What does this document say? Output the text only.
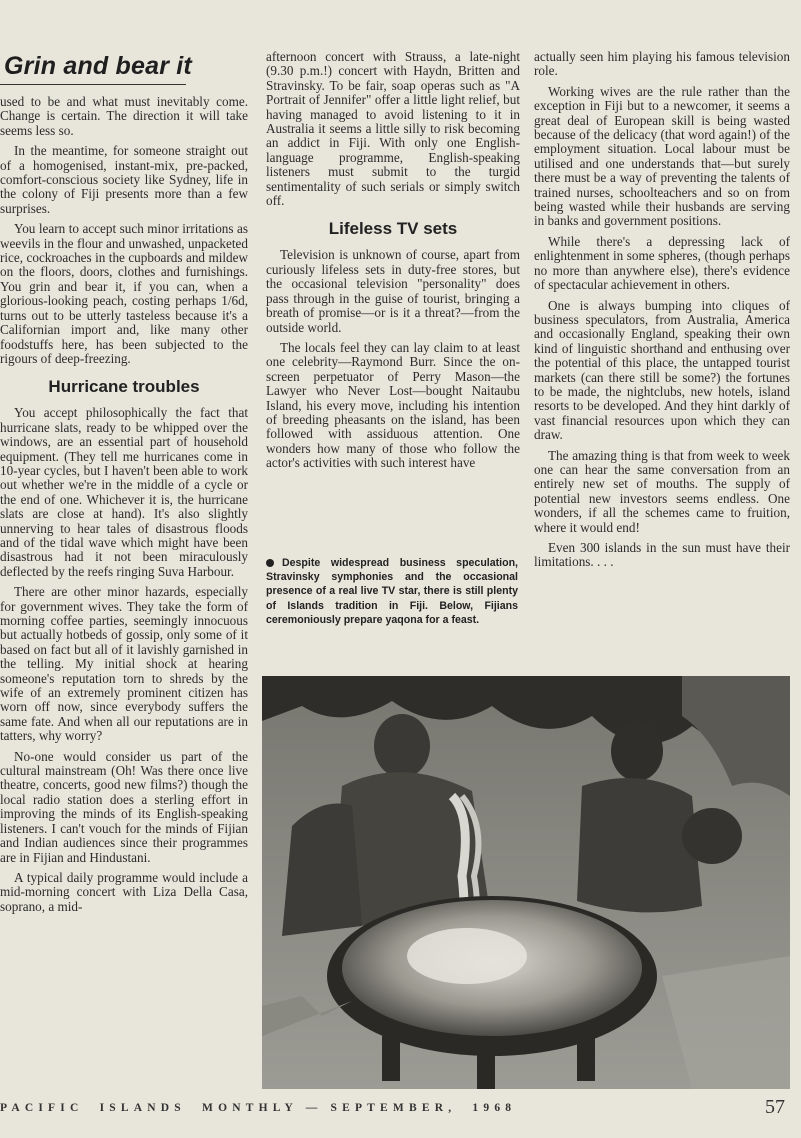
Grin and bear it

used to be and what must inevitably come. Change is certain. The direction it will take seems less so.

In the meantime, for someone straight out of a homogenised, instant-mix, pre-packed, comfort-conscious society like Sydney, life in the colony of Fiji presents more than a few surprises.

You learn to accept such minor irritations as weevils in the flour and unwashed, unpacketed rice, cockroaches in the cupboards and mildew on the floors, doors, clothes and furnishings. You grin and bear it, if you can, when a glorious-looking peach, costing perhaps 1/6d, turns out to be utterly tasteless because it's a Californian import and, like many other foodstuffs here, has been subjected to the rigours of deep-freezing.

Hurricane troubles

You accept philosophically the fact that hurricane slats, ready to be whipped over the windows, are an essential part of household equipment. (They tell me hurricanes come in 10-year cycles, but I haven't been able to work out whether we're in the middle of a cycle or the end of one. Whichever it is, the hurricane slats are close at hand). It's also slightly unnerving to hear tales of disastrous floods and of the tidal wave which might have been disastrous had it not been miraculously deflected by the reefs ringing Suva Harbour.

There are other minor hazards, especially for government wives. They take the form of morning coffee parties, seemingly innocuous but actually hotbeds of gossip, only some of it based on fact but all of it lavishly garnished in the telling. My initial shock at hearing someone's reputation torn to shreds by the wife of an extremely prominent citizen has worn off now, since everybody suffers the same fate. And when all our reputations are in tatters, why worry?

No-one would consider us part of the cultural mainstream (Oh! Was there once live theatre, concerts, good new films?) though the local radio station does a sterling effort in improving the minds of its English-speaking listeners. I can't vouch for the minds of Fijian and Indian audiences since their programmes are in Fijian and Hindustani.

A typical daily programme would include a mid-morning concert with Liza Della Casa, soprano, a mid-

afternoon concert with Strauss, a late-night (9.30 p.m.!) concert with Haydn, Britten and Stravinsky. To be fair, soap operas such as "A Portrait of Jennifer" offer a little light relief, but having managed to avoid listening to it in Australia it seems a little silly to risk becoming an addict in Fiji. With only one English-language programme, English-speaking listeners must submit to the turgid sentimentality of such serials or simply switch off.

Lifeless TV sets

Television is unknown of course, apart from curiously lifeless sets in duty-free stores, but the occasional television "personality" does pass through in the guise of tourist, bringing a breath of promise—or is it a threat?—from the outside world.

The locals feel they can lay claim to at least one celebrity—Raymond Burr. Since the on-screen perpetuator of Perry Mason—the Lawyer who Never Lost—bought Naitaubu Island, his every move, including his intention of breeding pheasants on the island, has been followed with assiduous attention. One wonders how many of those who follow the actor's activities with such interest have

Despite widespread business speculation, Stravinsky symphonies and the occasional presence of a real live TV star, there is still plenty of Islands tradition in Fiji. Below, Fijians ceremoniously prepare yaqona for a feast.

actually seen him playing his famous television role.

Working wives are the rule rather than the exception in Fiji but to a newcomer, it seems a great deal of European skill is being wasted because of the delicacy (that word again!) of the employment situation. Local labour must be utilised and one understands that—but surely there must be a way of preventing the talents of trained nurses, schoolteachers and so on from being wasted while their husbands are serving in banks and government positions.

While there's a depressing lack of enlightenment in some spheres, (though perhaps no more than anywhere else), there's evidence of spectacular achievement in others.

One is always bumping into cliques of business speculators, from Australia, America and occasionally England, speaking their own kind of linguistic shorthand and enthusing over the potential of this place, the untapped tourist markets (can there still be some?) the fortunes to be made, the nightclubs, new hotels, island resorts to be developed. And they hint darkly of vast financial resources upon which they can draw.

The amazing thing is that from week to week one can hear the same conversation from an entirely new set of mouths. The supply of potential new investors seems endless. One wonders, if all the schemes came to fruition, where it would end!

Even 300 islands in the sun must have their limitations. . . .

PACIFIC  ISLANDS  MONTHLY — SEPTEMBER,  1968	57
